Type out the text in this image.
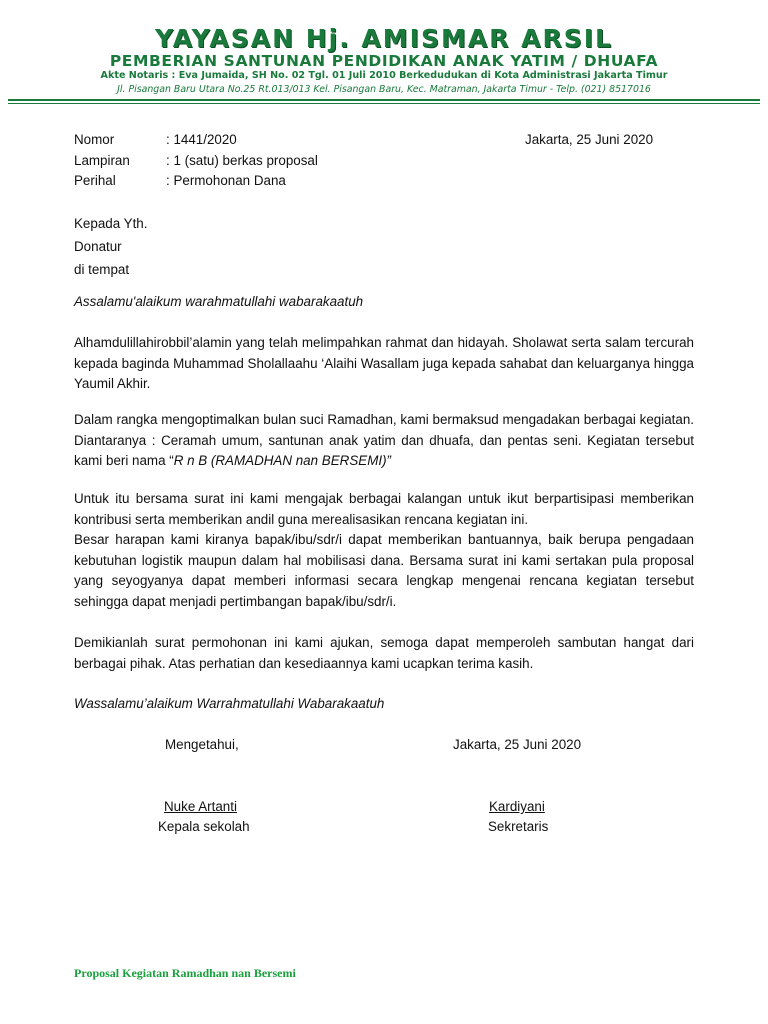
YAYASAN Hj. AMISMAR ARSIL
PEMBERIAN SANTUNAN PENDIDIKAN ANAK YATIM / DHUAFA
Akte Notaris : Eva Jumaida, SH No. 02 Tgl. 01 Juli 2010 Berkedudukan di Kota Administrasi Jakarta Timur
Jl. Pisangan Baru Utara No.25 Rt.013/013 Kel. Pisangan Baru, Kec. Matraman, Jakarta Timur - Telp. (021) 8517016
Nomor	: 1441/2020
Lampiran	: 1 (satu) berkas proposal
Perihal	: Permohonan Dana
Jakarta, 25 Juni 2020
Kepada Yth.
Donatur
di tempat
Assalamu'alaikum warahmatullahi wabarakaatuh

Alhamdulillahirobbil’alamin yang telah melimpahkan rahmat dan hidayah. Sholawat serta salam tercurah kepada baginda Muhammad Sholallaahu ‘Alaihi Wasallam juga kepada sahabat dan keluarganya hingga Yaumil Akhir.

Dalam rangka mengoptimalkan bulan suci Ramadhan, kami bermaksud mengadakan berbagai kegiatan. Diantaranya : Ceramah umum, santunan anak yatim dan dhuafa, dan pentas seni. Kegiatan tersebut kami beri nama “R n B (RAMADHAN nan BERSEMI)”

Untuk itu bersama surat ini kami mengajak berbagai kalangan untuk ikut berpartisipasi memberikan kontribusi serta memberikan andil guna merealisasikan rencana kegiatan ini.

Besar harapan kami kiranya bapak/ibu/sdr/i dapat memberikan bantuannya, baik berupa pengadaan kebutuhan logistik maupun dalam hal mobilisasi dana. Bersama surat ini kami sertakan pula proposal yang seyogyanya dapat memberi informasi secara lengkap mengenai rencana kegiatan tersebut sehingga dapat menjadi pertimbangan bapak/ibu/sdr/i.

Demikianlah surat permohonan ini kami ajukan, semoga dapat memperoleh sambutan hangat dari berbagai pihak. Atas perhatian dan kesediaannya kami ucapkan terima kasih.

Wassalamu’alaikum Warrahmatullahi Wabarakaatuh
Mengetahui,	Jakarta, 25 Juni 2020
Nuke Artanti
Kepala sekolah
Kardiyani
Sekretaris
Proposal Kegiatan Ramadhan nan Bersemi
